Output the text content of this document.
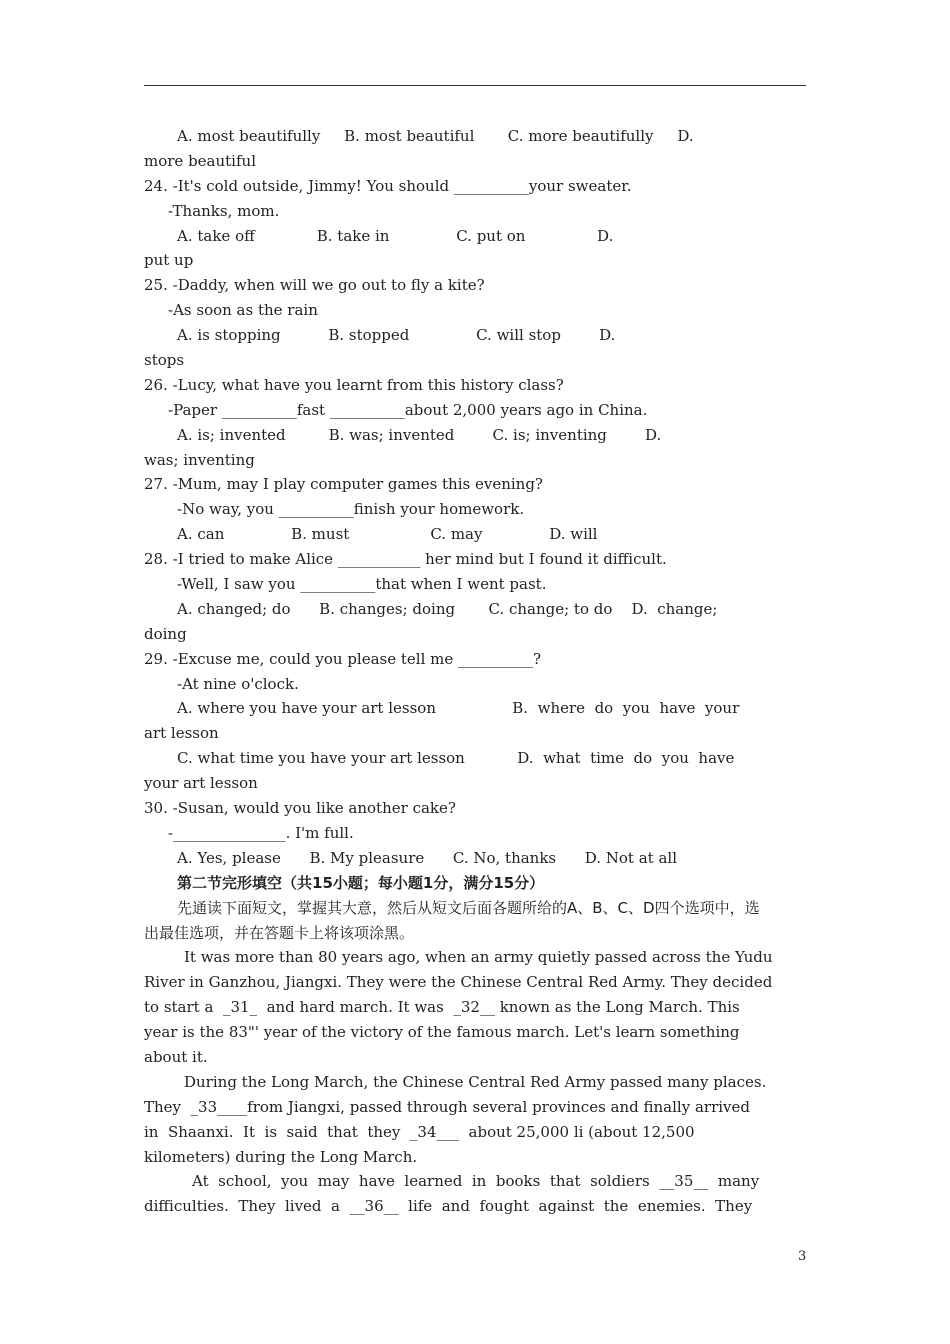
A. most beautifully     B. most beautiful       C. more beautifully     D.
more beautiful
24. -It's cold outside, Jimmy! You should __________your sweater.
-Thanks, mom.
A. take off             B. take in              C. put on               D.
put up
25. -Daddy, when will we go out to fly a kite?
-As soon as the rain
A. is stopping          B. stopped              C. will stop        D.
stops
26. -Lucy, what have you learnt from this history class?
-Paper __________fast __________about 2,000 years ago in China.
A. is; invented         B. was; invented        C. is; inventing        D.
was; inventing
27. -Mum, may I play computer games this evening?
-No way, you __________finish your homework.
A. can              B. must                 C. may              D. will
28. -I tried to make Alice ___________ her mind but I found it difficult.
-Well, I saw you __________that when I went past.
A. changed; do      B. changes; doing       C. change; to do    D.  change;
doing
29. -Excuse me, could you please tell me __________?
-At nine o'clock.
A. where you have your art lesson                B.  where  do  you  have  your
art lesson
C. what time you have your art lesson           D.  what  time  do  you  have
your art lesson
30. -Susan, would you like another cake?
-_______________. I'm full.
A. Yes, please      B. My pleasure      C. No, thanks      D. Not at all
第二节完形填空（共15小题；每小题1分，满分15分）
先通读下面短文，掌握其大意，然后从短文后面各题所给的A、B、C、D四个选项中，选
出最佳选项，并在答题卡上将该项涂黑。
It was more than 80 years ago, when an army quietly passed across the Yudu
River in Ganzhou, Jiangxi. They were the Chinese Central Red Army. They decided
to start a  _31_  and hard march. It was  _32__ known as the Long March. This
year is the 83"' year of the victory of the famous march. Let's learn something
about it.
During the Long March, the Chinese Central Red Army passed many places.
They  _33____from Jiangxi, passed through several provinces and finally arrived
in  Shaanxi.  It  is  said  that  they  _34___  about 25,000 li (about 12,500
kilometers) during the Long March.
At  school,  you  may  have  learned  in  books  that  soldiers  __35__  many
difficulties.  They  lived  a  __36__  life  and  fought  against  the  enemies.  They
3
